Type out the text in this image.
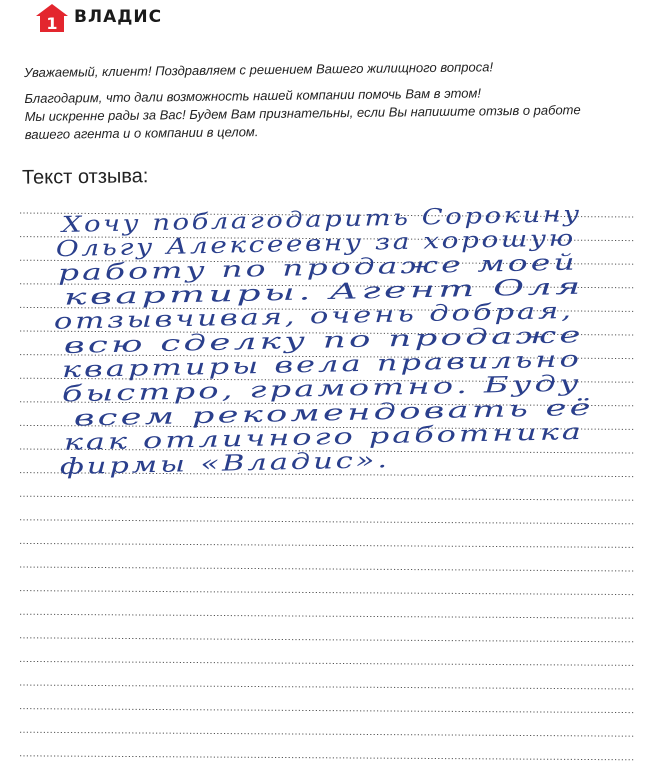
1 ВЛАДИС

Уважаемый, клиент! Поздравляем с решением Вашего жилищного вопроса!

Благодарим, что дали возможность нашей компании помочь Вам в этом!

Мы искренне рады за Вас! Будем Вам признательны, если Вы напишите отзыв о работе

вашего агента и о компании в целом.

Текст отзыва:
Хочу поблагодарить Сорокину
Ольгу Алексеевну за хорошую
работу по продаже моей
квартиры. Агент Оля
отзывчивая, очень добрая,
всю сделку по продаже
квартиры вела правильно
быстро, грамотно. Буду
всем рекомендовать её
как отличного работника
фирмы «Владис».
